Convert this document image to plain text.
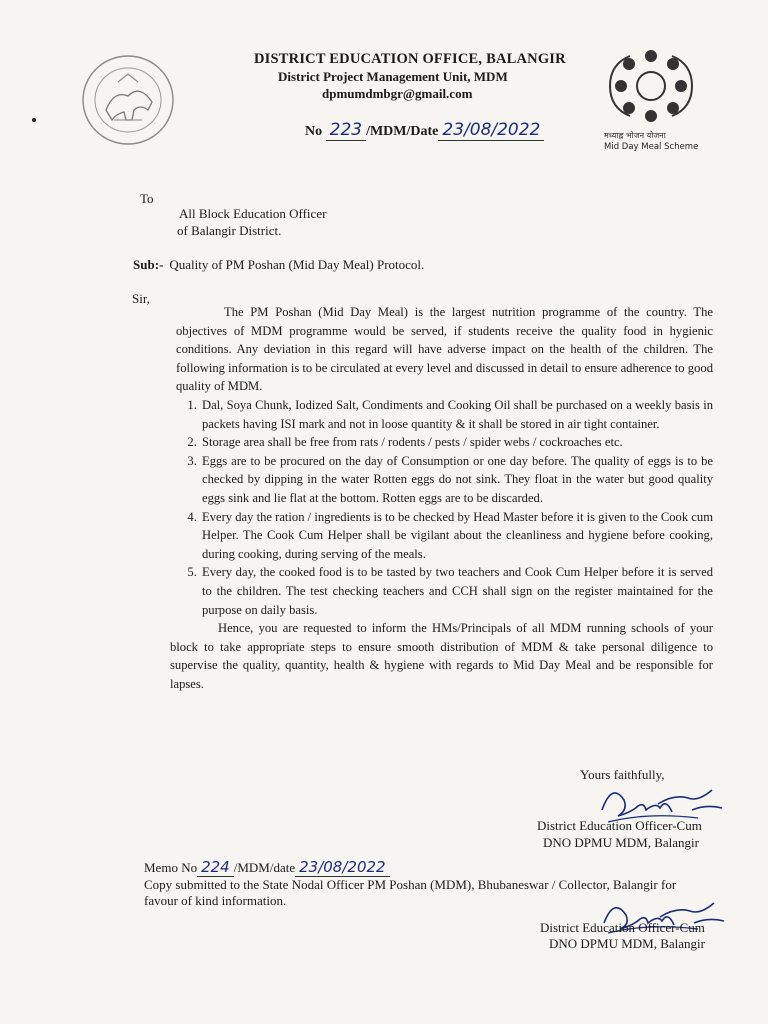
DISTRICT EDUCATION OFFICE, BALANGIR
District Project Management Unit, MDM
dpmumdmbgr@gmail.com
मध्याह्न भोजन योजना
Mid Day Meal Scheme
No 223 /MDM/Date 23/08/2022
To
All Block Education Officer
of Balangir District.
Sub:- Quality of PM Poshan (Mid Day Meal) Protocol.
Sir,

The PM Poshan (Mid Day Meal) is the largest nutrition programme of the country. The objectives of MDM programme would be served, if students receive the quality food in hygienic conditions. Any deviation in this regard will have adverse impact on the health of the children. The following information is to be circulated at every level and discussed in detail to ensure adherence to good quality of MDM.

1. Dal, Soya Chunk, Iodized Salt, Condiments and Cooking Oil shall be purchased on a weekly basis in packets having ISI mark and not in loose quantity & it shall be stored in air tight container.
2. Storage area shall be free from rats / rodents / pests / spider webs / cockroaches etc.
3. Eggs are to be procured on the day of Consumption or one day before. The quality of eggs is to be checked by dipping in the water Rotten eggs do not sink. They float in the water but good quality eggs sink and lie flat at the bottom. Rotten eggs are to be discarded.
4. Every day the ration / ingredients is to be checked by Head Master before it is given to the Cook cum Helper. The Cook Cum Helper shall be vigilant about the cleanliness and hygiene before cooking, during cooking, during serving of the meals.
5. Every day, the cooked food is to be tasted by two teachers and Cook Cum Helper before it is served to the children. The test checking teachers and CCH shall sign on the register maintained for the purpose on daily basis.

Hence, you are requested to inform the HMs/Principals of all MDM running schools of your block to take appropriate steps to ensure smooth distribution of MDM & take personal diligence to supervise the quality, quantity, health & hygiene with regards to Mid Day Meal and be responsible for lapses.

Yours faithfully,
District Education Officer-Cum
DNO DPMU MDM, Balangir
Memo No 224 /MDM/date 23/08/2022
Copy submitted to the State Nodal Officer PM Poshan (MDM), Bhubaneswar / Collector, Balangir for favour of kind information.
District Education Officer-Cum
DNO DPMU MDM, Balangir
